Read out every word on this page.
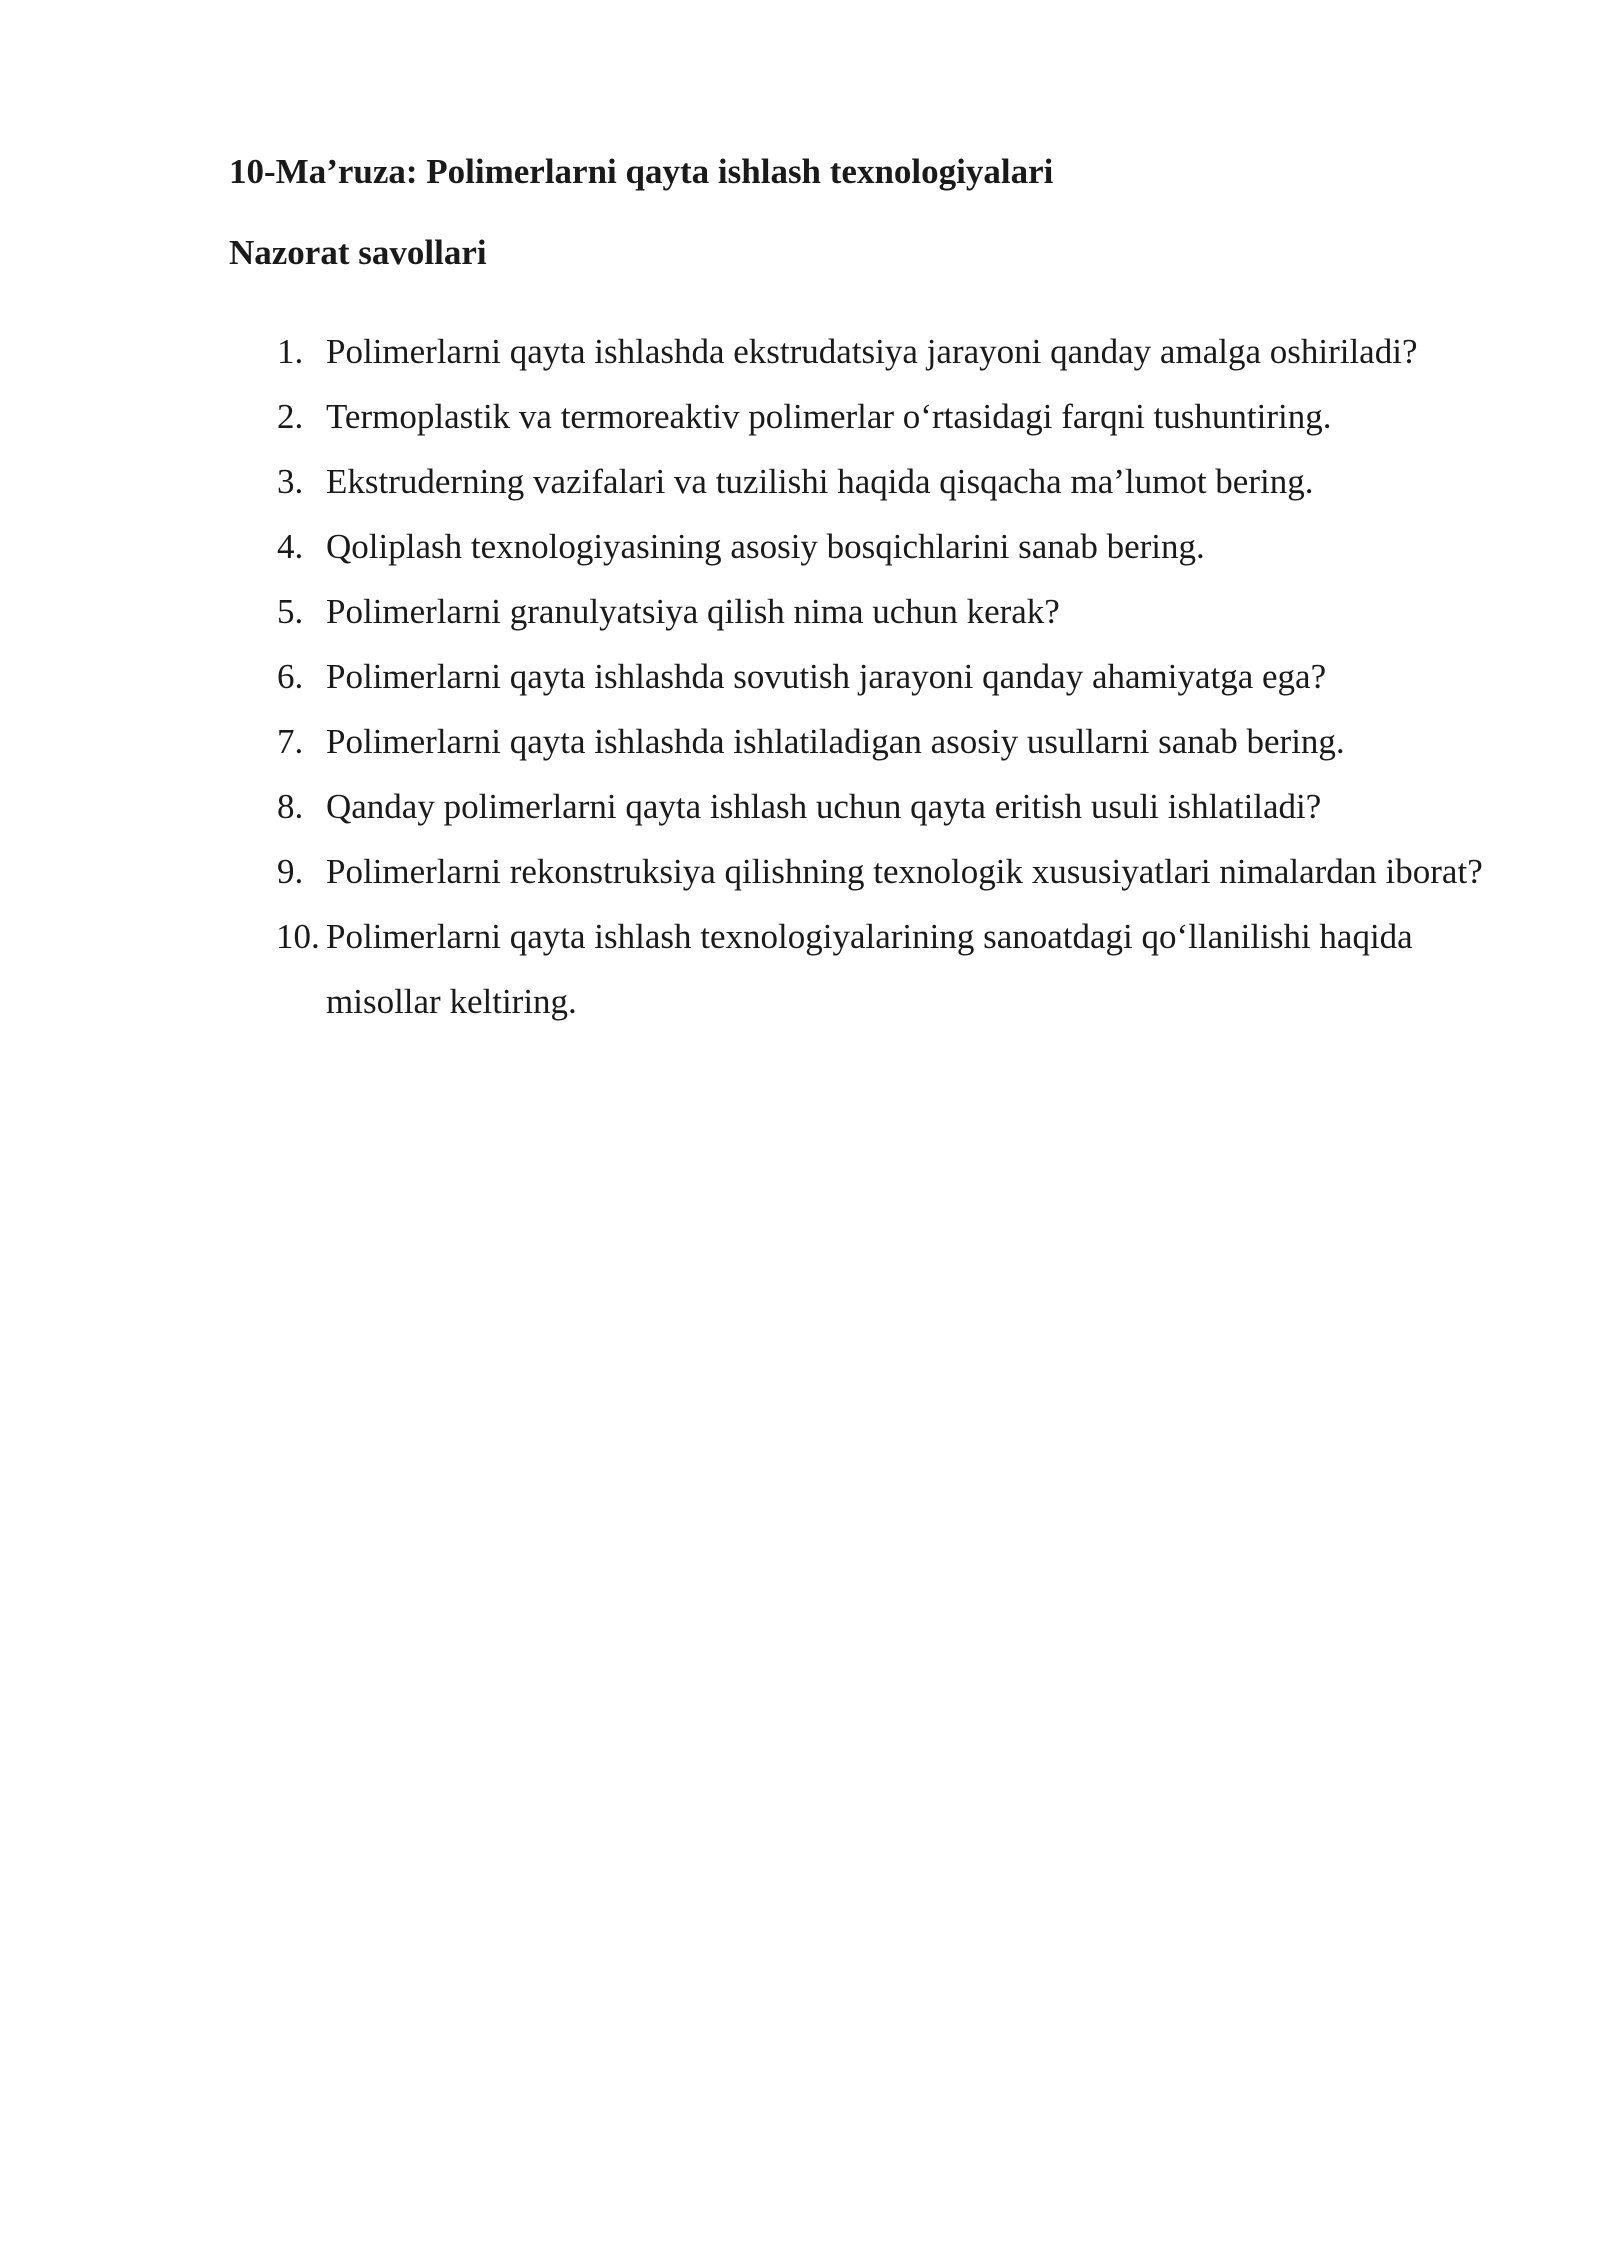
10-Ma’ruza: Polimerlarni qayta ishlash texnologiyalari
Nazorat savollari
1. Polimerlarni qayta ishlashda ekstrudatsiya jarayoni qanday amalga oshiriladi?
2. Termoplastik va termoreaktiv polimerlar o‘rtasidagi farqni tushuntiring.
3. Ekstruderning vazifalari va tuzilishi haqida qisqacha ma’lumot bering.
4. Qoliplash texnologiyasining asosiy bosqichlarini sanab bering.
5. Polimerlarni granulyatsiya qilish nima uchun kerak?
6. Polimerlarni qayta ishlashda sovutish jarayoni qanday ahamiyatga ega?
7. Polimerlarni qayta ishlashda ishlatiladigan asosiy usullarni sanab bering.
8. Qanday polimerlarni qayta ishlash uchun qayta eritish usuli ishlatiladi?
9. Polimerlarni rekonstruksiya qilishning texnologik xususiyatlari nimalardan iborat?
10. Polimerlarni qayta ishlash texnologiyalarining sanoatdagi qo‘llanilishi haqida misollar keltiring.
